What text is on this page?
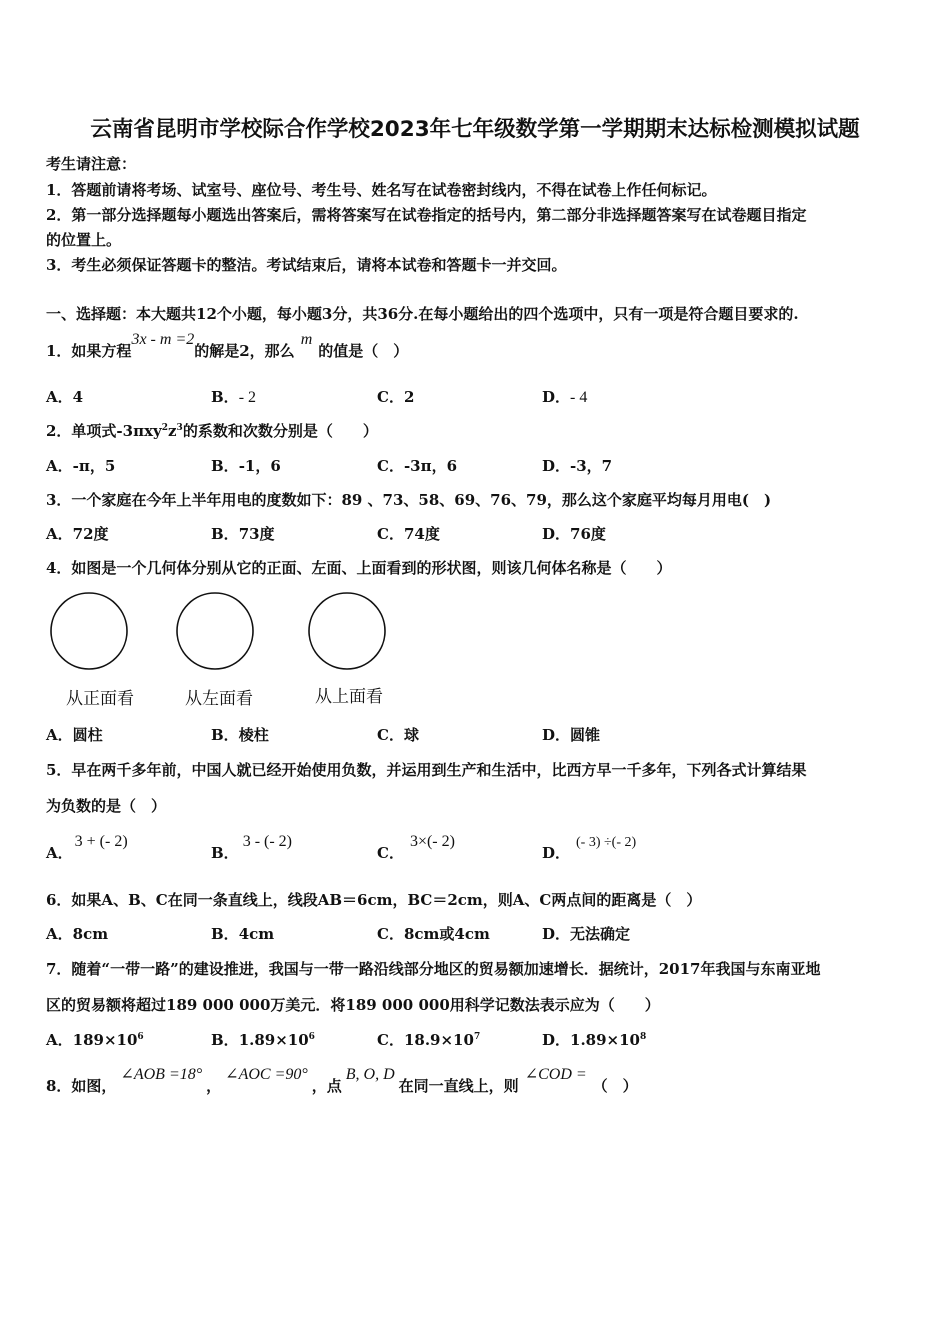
云南省昆明市学校际合作学校2023年七年级数学第一学期期末达标检测模拟试题
考生请注意：
1．答题前请将考场、试室号、座位号、考生号、姓名写在试卷密封线内，不得在试卷上作任何标记。
2．第一部分选择题每小题选出答案后，需将答案写在试卷指定的括号内，第二部分非选择题答案写在试卷题目指定
的位置上。
3．考生必须保证答题卡的整洁。考试结束后，请将本试卷和答题卡一并交回。
一、选择题：本大题共12个小题，每小题3分，共36分.在每小题给出的四个选项中，只有一项是符合题目要求的.
1．如果方程3x - m =2的解是2，那么m的值是（　）
A．4	B．- 2	C．2	D．- 4
2．单项式$-3\pi xy^2z^3$的系数和次数分别是（　　）
A．-π，5	B．-1，6	C．-3π，6	D．-3，7
3．一个家庭在今年上半年用电的度数如下：89 、73、58、69、76、79，那么这个家庭平均每月用电(　)
A．72度	B．73度	C．74度	D．76度
4．如图是一个几何体分别从它的正面、左面、上面看到的形状图，则该几何体名称是（　　）
从正面看	从左面看	从上面看
A．圆柱	B．棱柱	C．球	D．圆锥
5．早在两千多年前，中国人就已经开始使用负数，并运用到生产和生活中，比西方早一千多年，下列各式计算结果
为负数的是（　）
A．3 + (- 2)
B．3 - (- 2)
C．3×(- 2)
D．(- 3) ÷(- 2)
6．如果A、B、C在同一条直线上，线段AB＝6cm，BC＝2cm，则A、C两点间的距离是（　）
A．8cm	B．4cm	C．8cm或4cm	D．无法确定
7．随着“一带一路”的建设推进，我国与一带一路沿线部分地区的贸易额加速增长．据统计，2017年我国与东南亚地
区的贸易额将超过189 000 000万美元．将189 000 000用科学记数法表示应为（　　）
A．$189\times 10^6$	B．$1.89\times 10^6$	C．$18.9\times 10^7$	D．$1.89\times 10^8$
8．如图，∠AOB =18°，∠AOC =90°，点B, O, D在同一直线上，则∠COD =（　）
